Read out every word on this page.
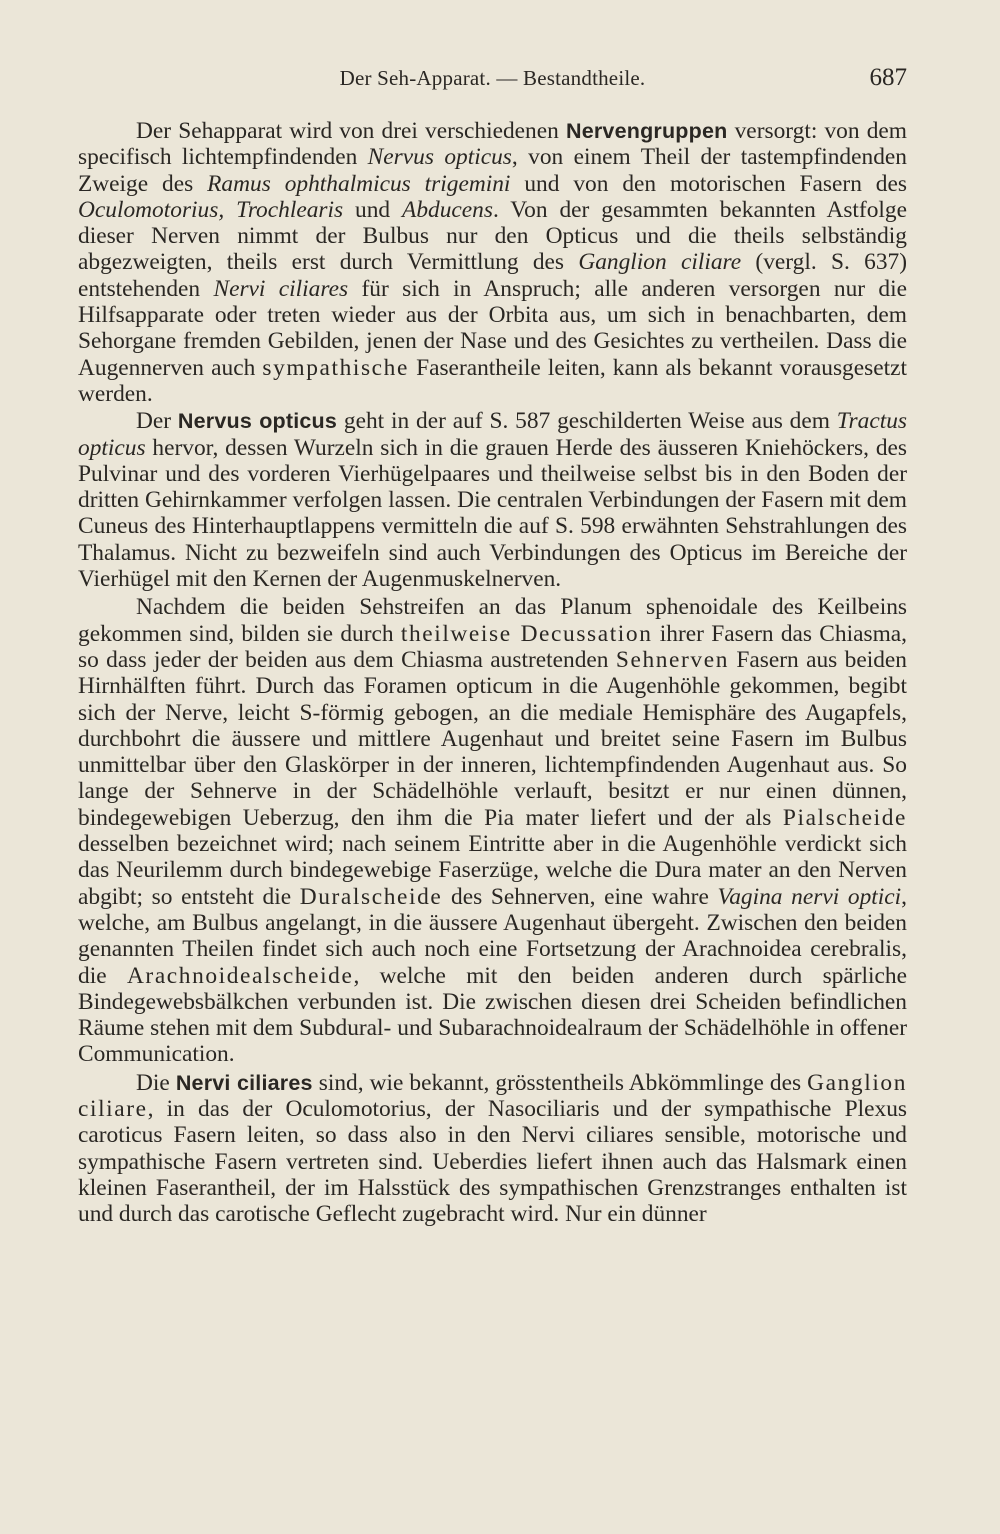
Der Seh-Apparat. — Bestandtheile.	687

Der Sehapparat wird von drei verschiedenen Nervengruppen versorgt: von dem specifisch lichtempfindenden Nervus opticus, von einem Theil der tastempfindenden Zweige des Ramus ophthalmicus trigemini und von den motorischen Fasern des Oculomotorius, Trochlearis und Abducens. Von der gesammten bekannten Astfolge dieser Nerven nimmt der Bulbus nur den Opticus und die theils selbständig abgezweigten, theils erst durch Vermittlung des Ganglion ciliare (vergl. S. 637) entstehenden Nervi ciliares für sich in Anspruch; alle anderen versorgen nur die Hilfsapparate oder treten wieder aus der Orbita aus, um sich in benachbarten, dem Sehorgane fremden Gebilden, jenen der Nase und des Gesichtes zu vertheilen. Dass die Augennerven auch sympathische Faserantheile leiten, kann als bekannt vorausgesetzt werden.

Der Nervus opticus geht in der auf S. 587 geschilderten Weise aus dem Tractus opticus hervor, dessen Wurzeln sich in die grauen Herde des äusseren Kniehöckers, des Pulvinar und des vorderen Vierhügelpaares und theilweise selbst bis in den Boden der dritten Gehirnkammer verfolgen lassen. Die centralen Verbindungen der Fasern mit dem Cuneus des Hinterhauptlappens vermitteln die auf S. 598 erwähnten Sehstrahlungen des Thalamus. Nicht zu bezweifeln sind auch Verbindungen des Opticus im Bereiche der Vierhügel mit den Kernen der Augenmuskelnerven.

Nachdem die beiden Sehstreifen an das Planum sphenoidale des Keilbeins gekommen sind, bilden sie durch theilweise Decussation ihrer Fasern das Chiasma, so dass jeder der beiden aus dem Chiasma austretenden Sehnerven Fasern aus beiden Hirnhälften führt. Durch das Foramen opticum in die Augenhöhle gekommen, begibt sich der Nerve, leicht S-förmig gebogen, an die mediale Hemisphäre des Augapfels, durchbohrt die äussere und mittlere Augenhaut und breitet seine Fasern im Bulbus unmittelbar über den Glaskörper in der inneren, lichtempfindenden Augenhaut aus. So lange der Sehnerve in der Schädelhöhle verlauft, besitzt er nur einen dünnen, bindegewebigen Ueberzug, den ihm die Pia mater liefert und der als Pialscheide desselben bezeichnet wird; nach seinem Eintritte aber in die Augenhöhle verdickt sich das Neurilemm durch bindegewebige Faserzüge, welche die Dura mater an den Nerven abgibt; so entsteht die Duralscheide des Sehnerven, eine wahre Vagina nervi optici, welche, am Bulbus angelangt, in die äussere Augenhaut übergeht. Zwischen den beiden genannten Theilen findet sich auch noch eine Fortsetzung der Arachnoidea cerebralis, die Arachnoidealscheide, welche mit den beiden anderen durch spärliche Bindegewebsbälkchen verbunden ist. Die zwischen diesen drei Scheiden befindlichen Räume stehen mit dem Subdural- und Subarachnoidealraum der Schädelhöhle in offener Communication.

Die Nervi ciliares sind, wie bekannt, grösstentheils Abkömmlinge des Ganglion ciliare, in das der Oculomotorius, der Nasociliaris und der sympathische Plexus caroticus Fasern leiten, so dass also in den Nervi ciliares sensible, motorische und sympathische Fasern vertreten sind. Ueberdies liefert ihnen auch das Halsmark einen kleinen Faserantheil, der im Halsstück des sympathischen Grenzstranges enthalten ist und durch das carotische Geflecht zugebracht wird. Nur ein dünner
